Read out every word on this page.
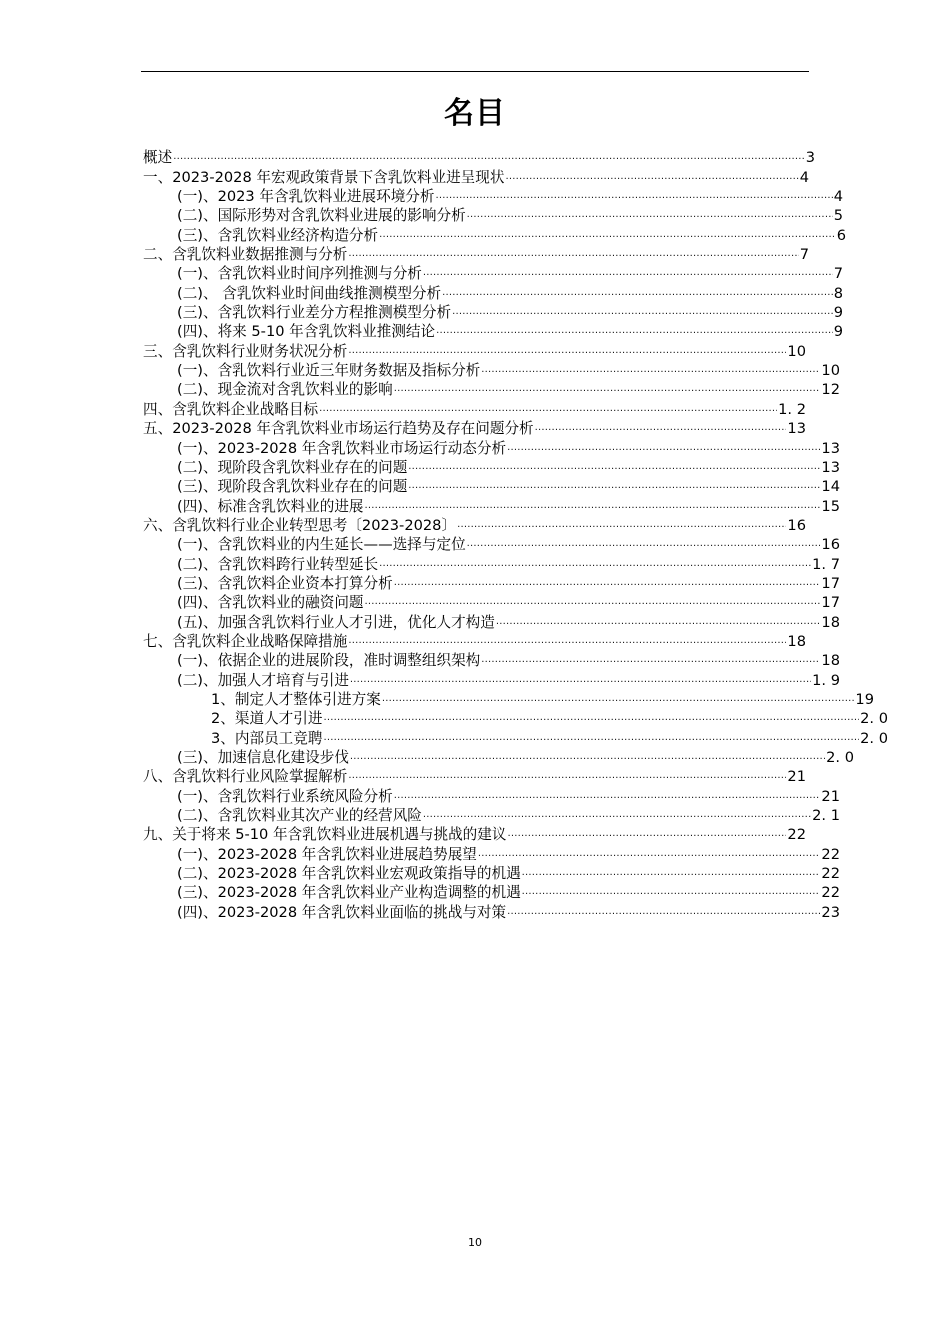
名目
概述 .....	3
一、2023-2028 年宏观政策背景下含乳饮料业进呈现状 .....	4
(一)、2023 年含乳饮料业进展环境分析 .....	4
(二)、国际形势对含乳饮料业进展的影响分析 .....	5
(三)、含乳饮料业经济构造分析 .....	6
二、含乳饮料业数据推测与分析 .....	7
(一)、含乳饮料业时间序列推测与分析 .....	7
(二)、 含乳饮料业时间曲线推测模型分析 .....	8
(三)、含乳饮料行业差分方程推测模型分析 .....	9
(四)、将来 5-10 年含乳饮料业推测结论 .....	9
三、含乳饮料行业财务状况分析 .....	10
(一)、含乳饮料行业近三年财务数据及指标分析 .....	10
(二)、现金流对含乳饮料业的影响 .....	12
四、含乳饮料企业战略目标 .....	1. 2
五、2023-2028 年含乳饮料业市场运行趋势及存在问题分析 .....	13
(一)、2023-2028 年含乳饮料业市场运行动态分析 .....	13
(二)、现阶段含乳饮料业存在的问题 .....	13
(三)、现阶段含乳饮料业存在的问题 .....	14
(四)、标准含乳饮料业的进展 .....	15
六、含乳饮料行业企业转型思考〔2023-2028〕 .....	16
(一)、含乳饮料业的内生延长——选择与定位 .....	16
(二)、含乳饮料跨行业转型延长 .....	1. 7
(三)、含乳饮料企业资本打算分析 .....	17
(四)、含乳饮料业的融资问题 .....	17
(五)、加强含乳饮料行业人才引进，优化人才构造 .....	18
七、含乳饮料企业战略保障措施 .....	18
(一)、依据企业的进展阶段，准时调整组织架构 .....	18
(二)、加强人才培育与引进 .....	1. 9
1、制定人才整体引进方案 .....	19
2、渠道人才引进 .....	2. 0
3、内部员工竞聘 .....	2. 0
(三)、加速信息化建设步伐 .....	2. 0
八、含乳饮料行业风险掌握解析 .....	21
(一)、含乳饮料行业系统风险分析 .....	21
(二)、含乳饮料业其次产业的经营风险 .....	2. 1
九、关于将来 5-10 年含乳饮料业进展机遇与挑战的建议 .....	22
(一)、2023-2028 年含乳饮料业进展趋势展望 .....	22
(二)、2023-2028 年含乳饮料业宏观政策指导的机遇 .....	22
(三)、2023-2028 年含乳饮料业产业构造调整的机遇 .....	22
(四)、2023-2028 年含乳饮料业面临的挑战与对策 .....	23
10
